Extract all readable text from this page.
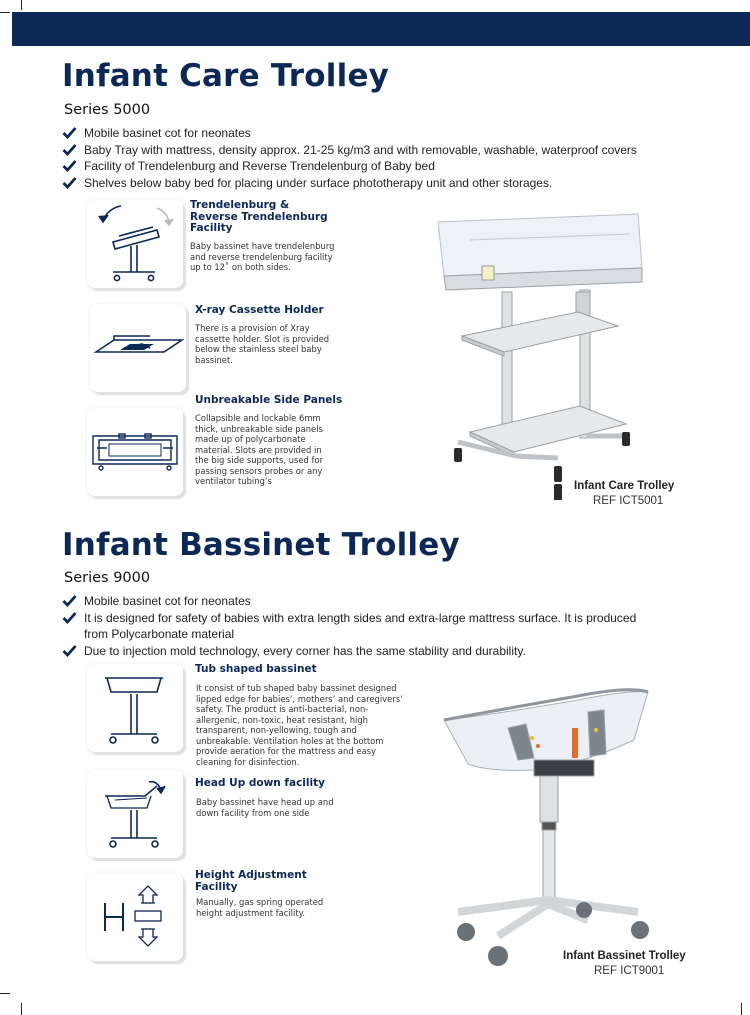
Infant Care Trolley
Series 5000
Mobile basinet cot for neonates
Baby Tray with mattress, density approx. 21-25 kg/m3 and with removable, washable, waterproof covers
Facility of Trendelenburg and Reverse Trendelenburg of Baby bed
Shelves below baby bed for placing under surface phototherapy unit and other storages.
Trendelenburg & Reverse Trendelenburg Facility
Baby bassinet have trendelenburg and reverse trendelenburg facility up to 12˚ on both sides.
X-ray Cassette Holder
There is a provision of Xray cassette holder. Slot is provided below the stainless steel baby bassinet.
Unbreakable Side Panels
Collapsible and lockable 6mm thick, unbreakable side panels made up of polycarbonate material. Slots are provided in the big side supports, used for passing sensors probes or any ventilator tubing’s	Infant Care Trolley
REF ICT5001
Infant Bassinet Trolley
Series 9000
Mobile basinet cot for neonates
It is designed for safety of babies with extra length sides and extra-large mattress surface. It is produced from Polycarbonate material
Due to injection mold technology, every corner has the same stability and durability.
Tub shaped bassinet
It consist of tub shaped baby bassinet designed lipped edge for babies’, mothers’ and caregivers’ safety. The product is anti-bacterial, non-allergenic, non-toxic, heat resistant, high transparent, non-yellowing, tough and unbreakable. Ventilation holes at the bottom provide aeration for the mattress and easy cleaning for disinfection.
Head Up down facility
Baby bassinet have head up and down facility from one side
Height Adjustment Facility
Manually, gas spring operated height adjustment facility.
Infant Bassinet Trolley
REF ICT9001
